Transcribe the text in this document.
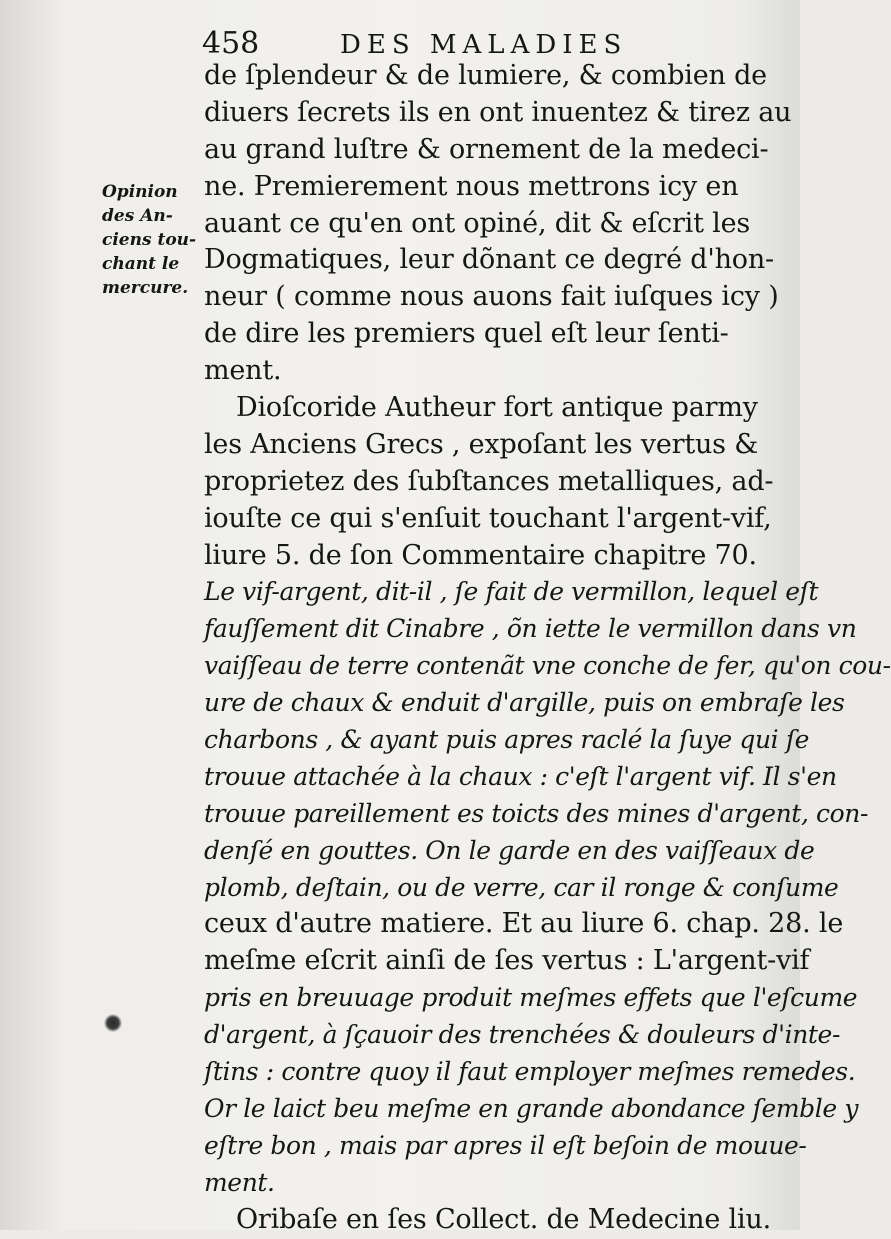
458	DES MALADIES
Opinion
des An-
ciens tou-
chant le
mercure.
de ſplendeur & de lumiere, & combien de
diuers ſecrets ils en ont inuentez & tirez au
au grand luſtre & ornement de la medeci-
ne. Premierement nous mettrons icy en
auant ce qu'en ont opiné, dit & eſcrit les
Dogmatiques, leur dõnant ce degré d'hon-
neur ( comme nous auons fait iuſques icy )
de dire les premiers quel eſt leur ſenti-
ment.
Dioſcoride Autheur fort antique parmy
les Anciens Grecs , expoſant les vertus &
proprietez des ſubſtances metalliques, ad-
iouſte ce qui s'enſuit touchant l'argent-vif,
liure 5. de ſon Commentaire chapitre 70.
Le vif-argent, dit-il , ſe fait de vermillon, lequel eſt
fauſſement dit Cinabre , õn iette le vermillon dans vn
vaiſſeau de terre contenãt vne conche de fer, qu'on cou-
ure de chaux & enduit d'argille, puis on embraſe les
charbons , & ayant puis apres raclé la ſuye qui ſe
trouue attachée à la chaux : c'eſt l'argent vif. Il s'en
trouue pareillement es toicts des mines d'argent, con-
denſé en gouttes. On le garde en des vaiſſeaux de
plomb, deſtain, ou de verre, car il ronge & conſume
ceux d'autre matiere. Et au liure 6. chap. 28. le
meſme eſcrit ainſi de ſes vertus : L'argent-vif
pris en breuuage produit meſmes effets que l'eſcume
d'argent, à ſçauoir des trenchées & douleurs d'inte-
ſtins : contre quoy il faut employer meſmes remedes.
Or le laict beu meſme en grande abondance ſemble y
eſtre bon , mais par apres il eſt beſoin de mouue-
ment.
Oribaſe en ſes Collect. de Medecine liu.
